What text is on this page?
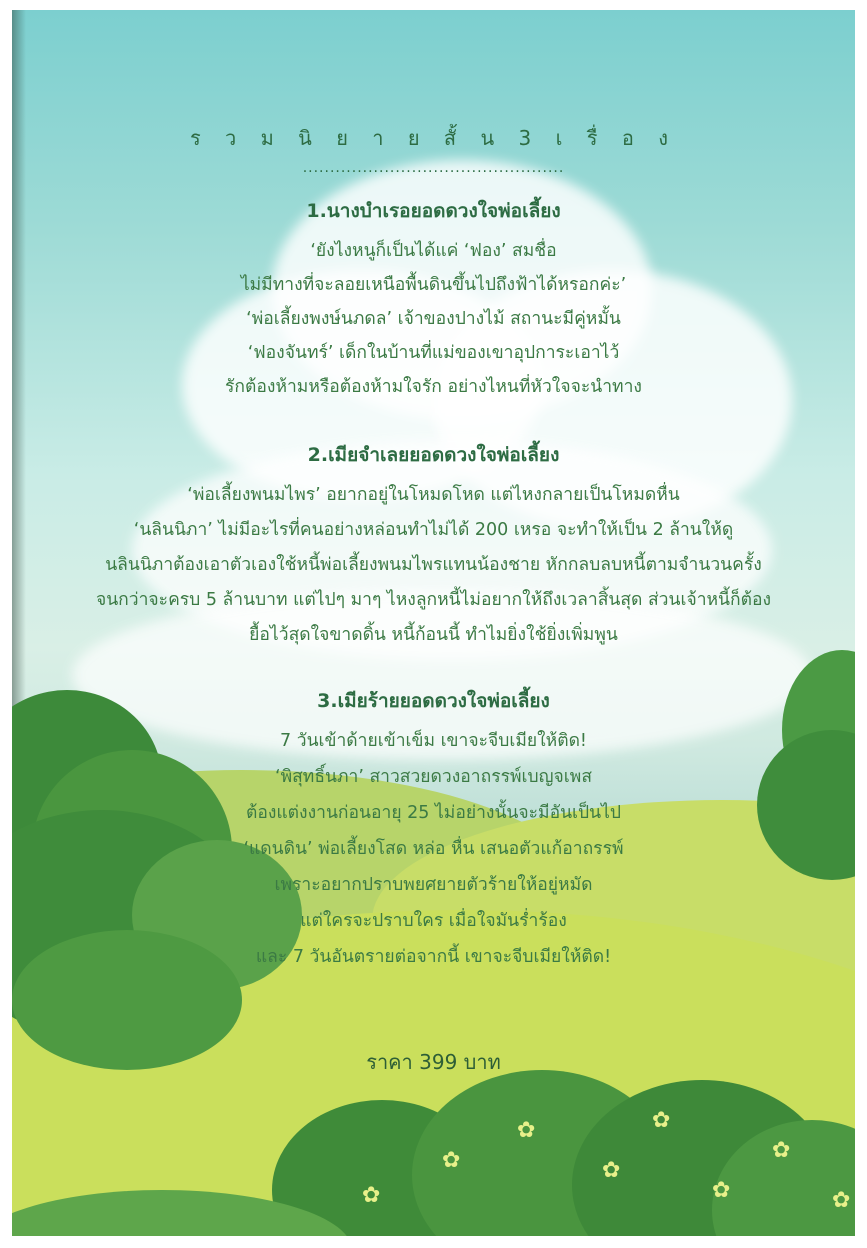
✿
✿
✿
✿
✿
✿
✿	✿
ร ว ม นิ ย า ย สั้ น 3 เ รื่ อ ง
................................................
1.นางบำเรอยอดดวงใจพ่อเลี้ยง
‘ยังไงหนูก็เป็นได้แค่ ‘ฟอง’ สมชื่อ
ไม่มีทางที่จะลอยเหนือพื้นดินขึ้นไปถึงฟ้าได้หรอกค่ะ’
‘พ่อเลี้ยงพงษ์นภดล’ เจ้าของปางไม้ สถานะมีคู่หมั้น
‘ฟองจันทร์’ เด็กในบ้านที่แม่ของเขาอุปการะเอาไว้
รักต้องห้ามหรือต้องห้ามใจรัก อย่างไหนที่หัวใจจะนำทาง
2.เมียจำเลยยอดดวงใจพ่อเลี้ยง
‘พ่อเลี้ยงพนมไพร’ อยากอยู่ในโหมดโหด แต่ไหงกลายเป็นโหมดหื่น
‘นลินนิภา’ ไม่มีอะไรที่คนอย่างหล่อนทำไม่ได้ 200 เหรอ จะทำให้เป็น 2 ล้านให้ดู
นลินนิภาต้องเอาตัวเองใช้หนี้พ่อเลี้ยงพนมไพรแทนน้องชาย หักกลบลบหนี้ตามจำนวนครั้ง
จนกว่าจะครบ 5 ล้านบาท แต่ไปๆ มาๆ ไหงลูกหนี้ไม่อยากให้ถึงเวลาสิ้นสุด ส่วนเจ้าหนี้ก็ต้อง
ยื้อไว้สุดใจขาดดิ้น หนี้ก้อนนี้ ทำไมยิ่งใช้ยิ่งเพิ่มพูน
3.เมียร้ายยอดดวงใจพ่อเลี้ยง
7 วันเข้าด้ายเข้าเข็ม เขาจะจีบเมียให้ติด!
‘พิสุทธิ์นภา’ สาวสวยดวงอาถรรพ์เบญจเพส
ต้องแต่งงานก่อนอายุ 25 ไม่อย่างนั้นจะมีอันเป็นไป
‘แดนดิน’ พ่อเลี้ยงโสด หล่อ หื่น เสนอตัวแก้อาถรรพ์
เพราะอยากปราบพยศยายตัวร้ายให้อยู่หมัด
แต่ใครจะปราบใคร เมื่อใจมันร่ำร้อง
และ 7 วันอันตรายต่อจากนี้ เขาจะจีบเมียให้ติด!
ราคา 399 บาท
